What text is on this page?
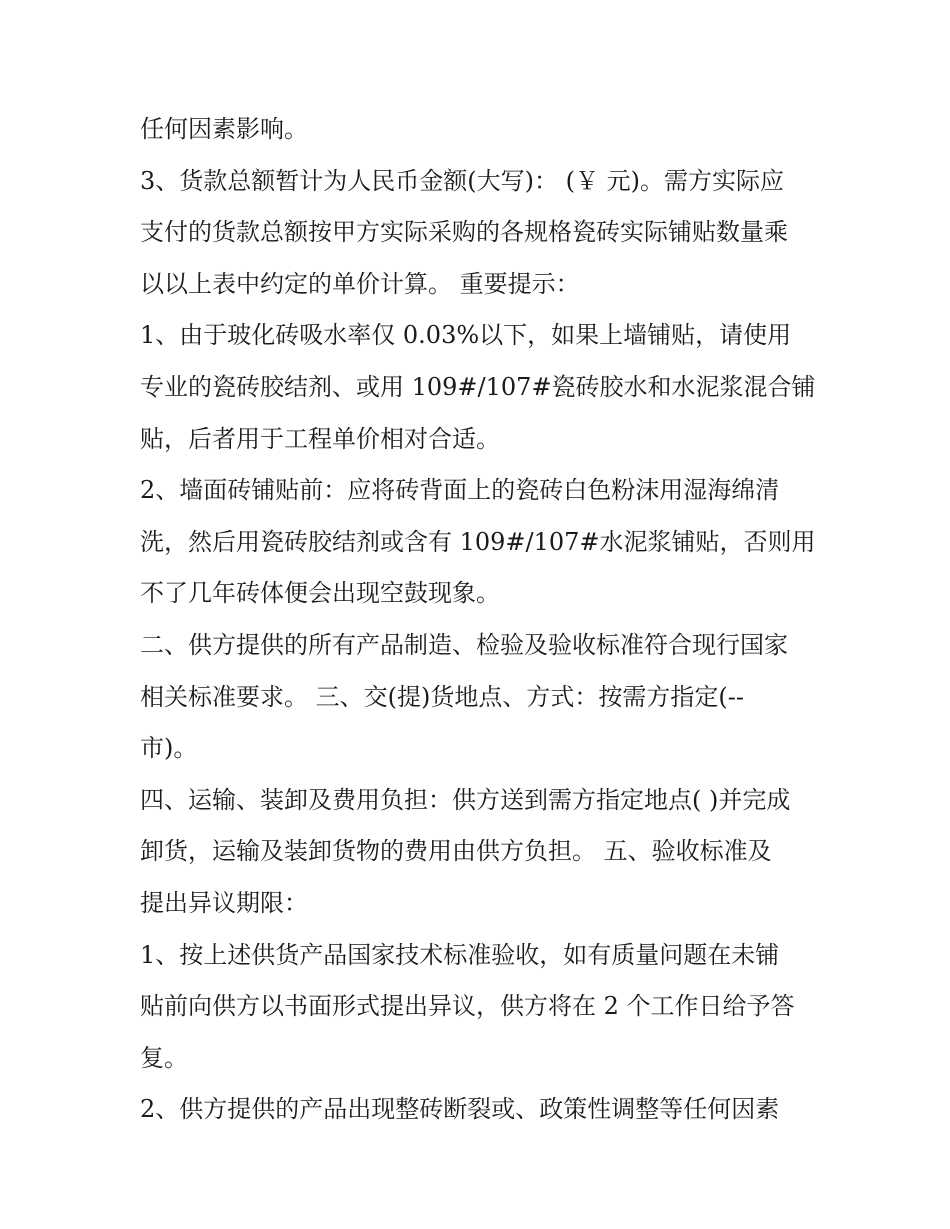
任何因素影响。

3、货款总额暂计为人民币金额(大写)： (￥ 元)。需方实际应

支付的货款总额按甲方实际采购的各规格瓷砖实际铺贴数量乘

以以上表中约定的单价计算。 重要提示：

1、由于玻化砖吸水率仅 0.03%以下，如果上墙铺贴，请使用

专业的瓷砖胶结剂、或用 109#/107#瓷砖胶水和水泥浆混合铺

贴，后者用于工程单价相对合适。

2、墙面砖铺贴前：应将砖背面上的瓷砖白色粉沫用湿海绵清

洗，然后用瓷砖胶结剂或含有 109#/107#水泥浆铺贴，否则用

不了几年砖体便会出现空鼓现象。

二、供方提供的所有产品制造、检验及验收标准符合现行国家

相关标准要求。 三、交(提)货地点、方式：按需方指定(--

市)。

四、运输、装卸及费用负担：供方送到需方指定地点( )并完成

卸货，运输及装卸货物的费用由供方负担。 五、验收标准及

提出异议期限：

1、按上述供货产品国家技术标准验收，如有质量问题在未铺

贴前向供方以书面形式提出异议，供方将在 2 个工作日给予答

复。

2、供方提供的产品出现整砖断裂或、政策性调整等任何因素
